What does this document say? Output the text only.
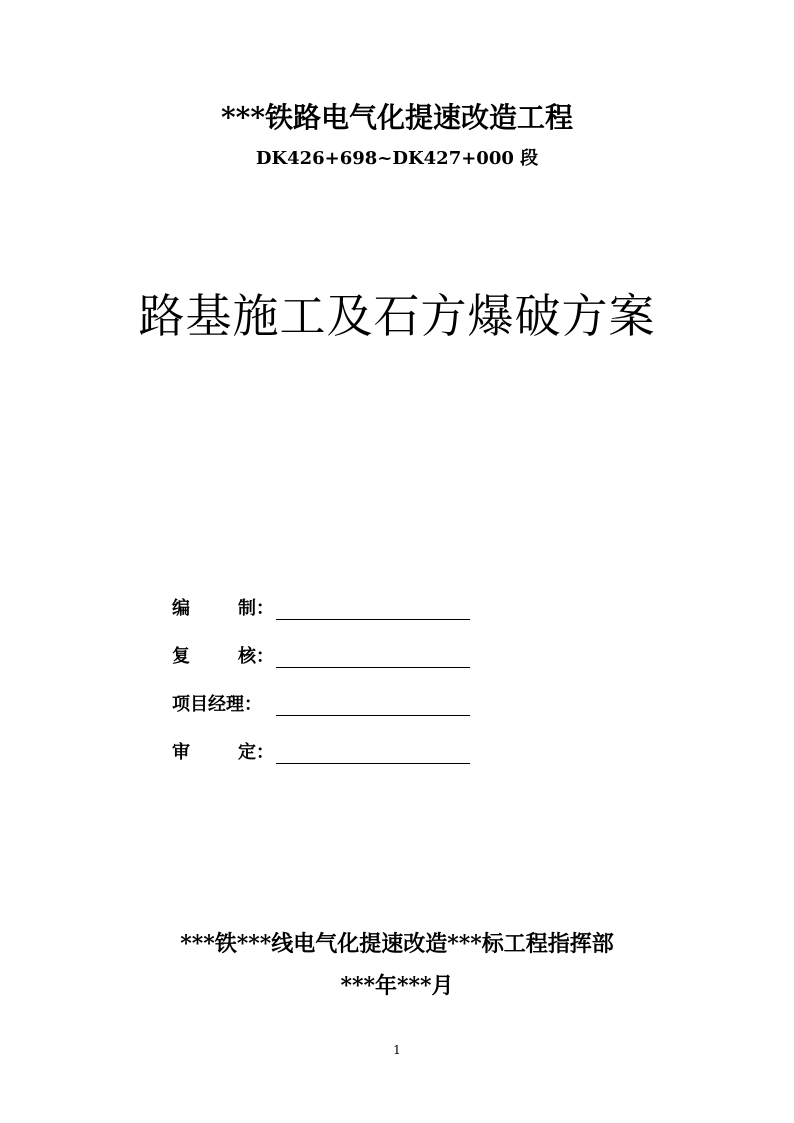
***铁路电气化提速改造工程
DK426+698~DK427+000 段
路基施工及石方爆破方案
编	制：
复	核：
项目经理：
审	定：
***铁***线电气化提速改造***标工程指挥部
***年***月
1
